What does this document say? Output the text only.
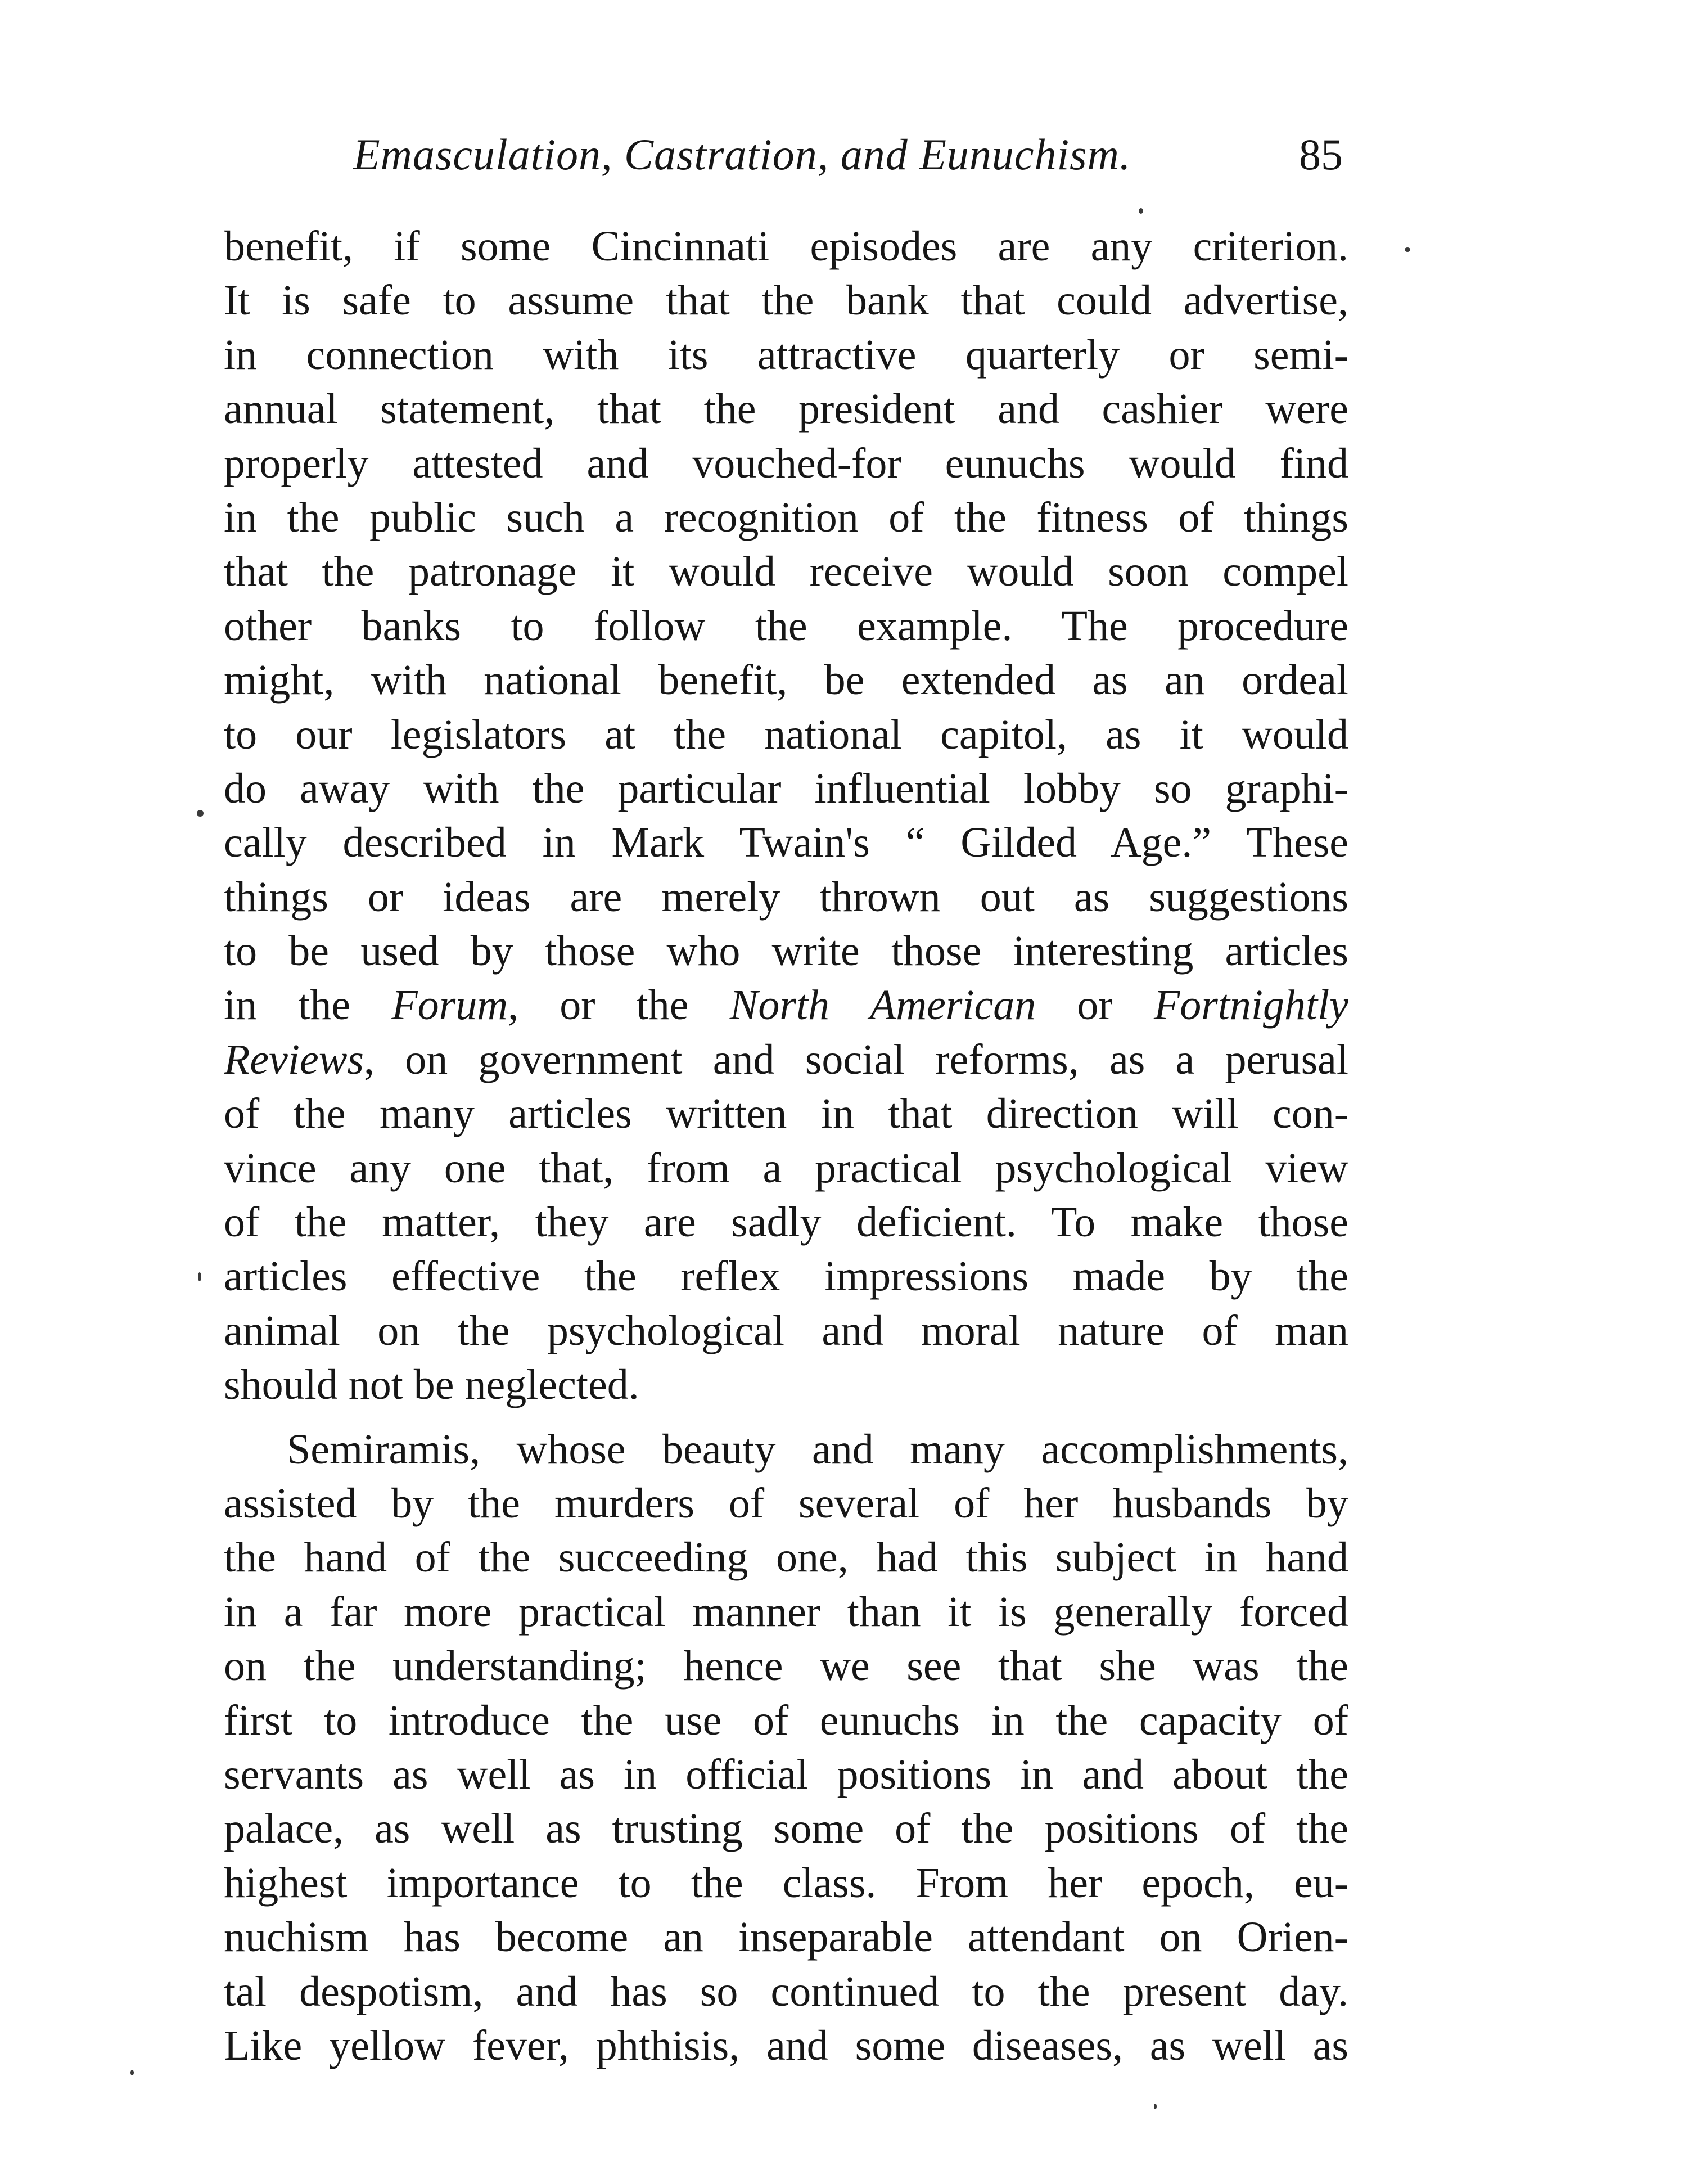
Emasculation, Castration, and Eunuchism.	85
benefit, if some Cincinnati episodes are any criterion.
It is safe to assume that the bank that could advertise,
in connection with its attractive quarterly or semi-
annual statement, that the president and cashier were
properly attested and vouched-for eunuchs would find
in the public such a recognition of the fitness of things
that the patronage it would receive would soon compel
other banks to follow the example. The procedure
might, with national benefit, be extended as an ordeal
to our legislators at the national capitol, as it would
do away with the particular influential lobby so graphi-
cally described in Mark Twain's “ Gilded Age.” These
things or ideas are merely thrown out as suggestions
to be used by those who write those interesting articles
in the Forum, or the North American or Fortnightly
Reviews, on government and social reforms, as a perusal
of the many articles written in that direction will con-
vince any one that, from a practical psychological view
of the matter, they are sadly deficient. To make those
articles effective the reflex impressions made by the
animal on the psychological and moral nature of man
should not be neglected.
Semiramis, whose beauty and many accomplishments,
assisted by the murders of several of her husbands by
the hand of the succeeding one, had this subject in hand
in a far more practical manner than it is generally forced
on the understanding; hence we see that she was the
first to introduce the use of eunuchs in the capacity of
servants as well as in official positions in and about the
palace, as well as trusting some of the positions of the
highest importance to the class. From her epoch, eu-
nuchism has become an inseparable attendant on Orien-
tal despotism, and has so continued to the present day.
Like yellow fever, phthisis, and some diseases, as well as
